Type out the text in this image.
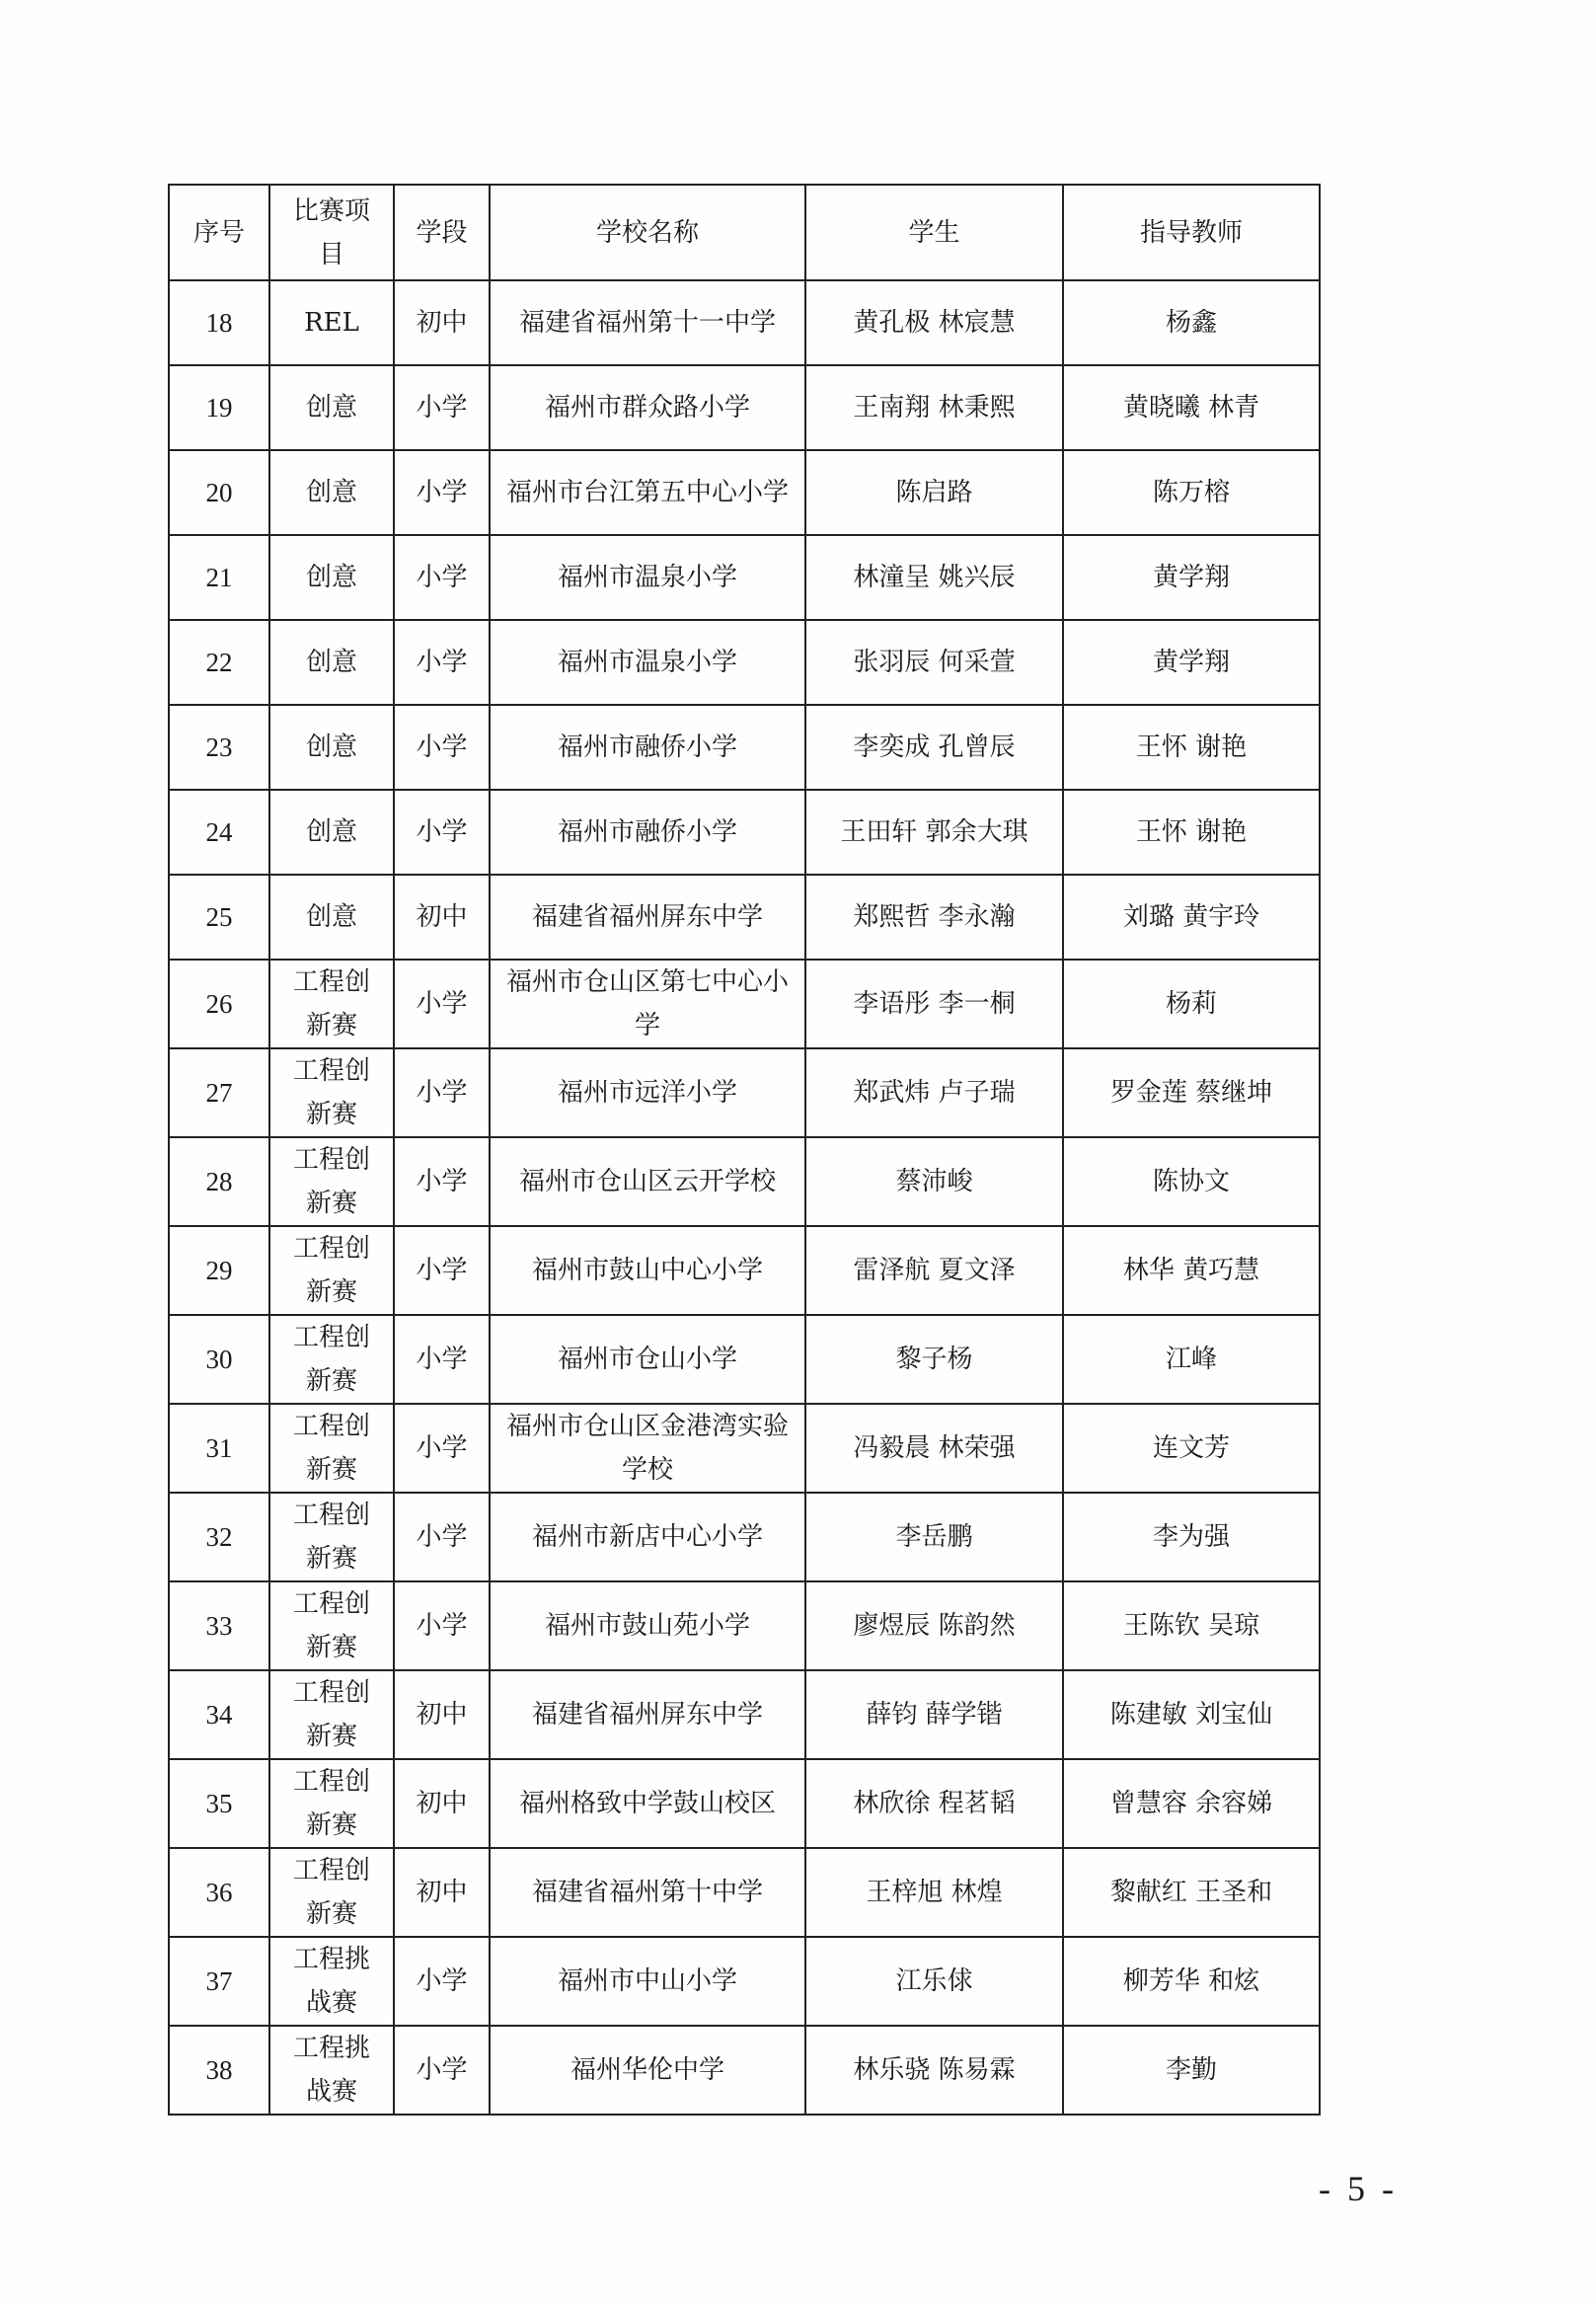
序号	比赛项目	学段	学校名称	学生	指导教师
18	REL	初中	福建省福州第十一中学	黄孔极 林宸慧	杨鑫
19	创意	小学	福州市群众路小学	王南翔 林秉熙	黄晓曦 林青
20	创意	小学	福州市台江第五中心小学	陈启路	陈万榕
21	创意	小学	福州市温泉小学	林潼呈 姚兴辰	黄学翔
22	创意	小学	福州市温泉小学	张羽辰 何采萱	黄学翔
23	创意	小学	福州市融侨小学	李奕成 孔曾辰	王怀 谢艳
24	创意	小学	福州市融侨小学	王田轩 郭余大琪	王怀 谢艳
25	创意	初中	福建省福州屏东中学	郑熙哲 李永瀚	刘璐 黄宇玲
26	工程创新赛	小学	福州市仓山区第七中心小学	李语彤 李一桐	杨莉
27	工程创新赛	小学	福州市远洋小学	郑武炜 卢子瑞	罗金莲 蔡继坤
28	工程创新赛	小学	福州市仓山区云开学校	蔡沛峻	陈协文
29	工程创新赛	小学	福州市鼓山中心小学	雷泽航 夏文泽	林华 黄巧慧
30	工程创新赛	小学	福州市仓山小学	黎子杨	江峰
31	工程创新赛	小学	福州市仓山区金港湾实验学校	冯毅晨 林荣强	连文芳
32	工程创新赛	小学	福州市新店中心小学	李岳鹏	李为强
33	工程创新赛	小学	福州市鼓山苑小学	廖煜辰 陈韵然	王陈钦 吴琼
34	工程创新赛	初中	福建省福州屏东中学	薛钧 薛学锴	陈建敏 刘宝仙
35	工程创新赛	初中	福州格致中学鼓山校区	林欣徐 程茗韬	曾慧容 余容娣
36	工程创新赛	初中	福建省福州第十中学	王梓旭 林煌	黎献红 王圣和
37	工程挑战赛	小学	福州市中山小学	江乐俅	柳芳华 和炫
38	工程挑战赛	小学	福州华伦中学	林乐骁 陈易霖	李勤
- 5 -
